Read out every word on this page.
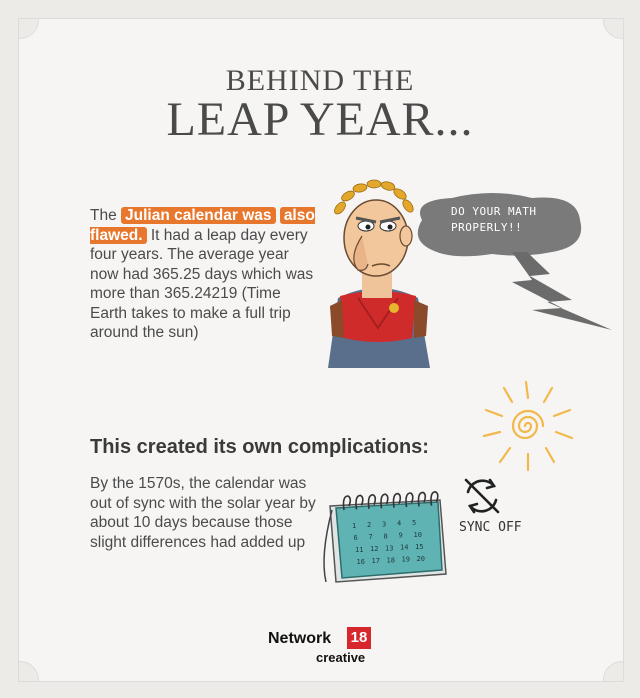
BEHIND THE
LEAP YEAR...
The Julian calendar was also flawed. It had a leap day every four years. The average year now had 365.25 days which was more than 365.24219 (Time Earth takes to make a full trip around the sun)
DO YOUR MATH
PROPERLY!!
This created its own complications:
By the 1570s, the calendar was out of sync with the solar year by about 10 days because those slight differences had added up
SYNC OFF
1 2 3 4 5
6 7 8 9 10
11 12 13 14 15
16 17 18 19 20
Network 18
creative
